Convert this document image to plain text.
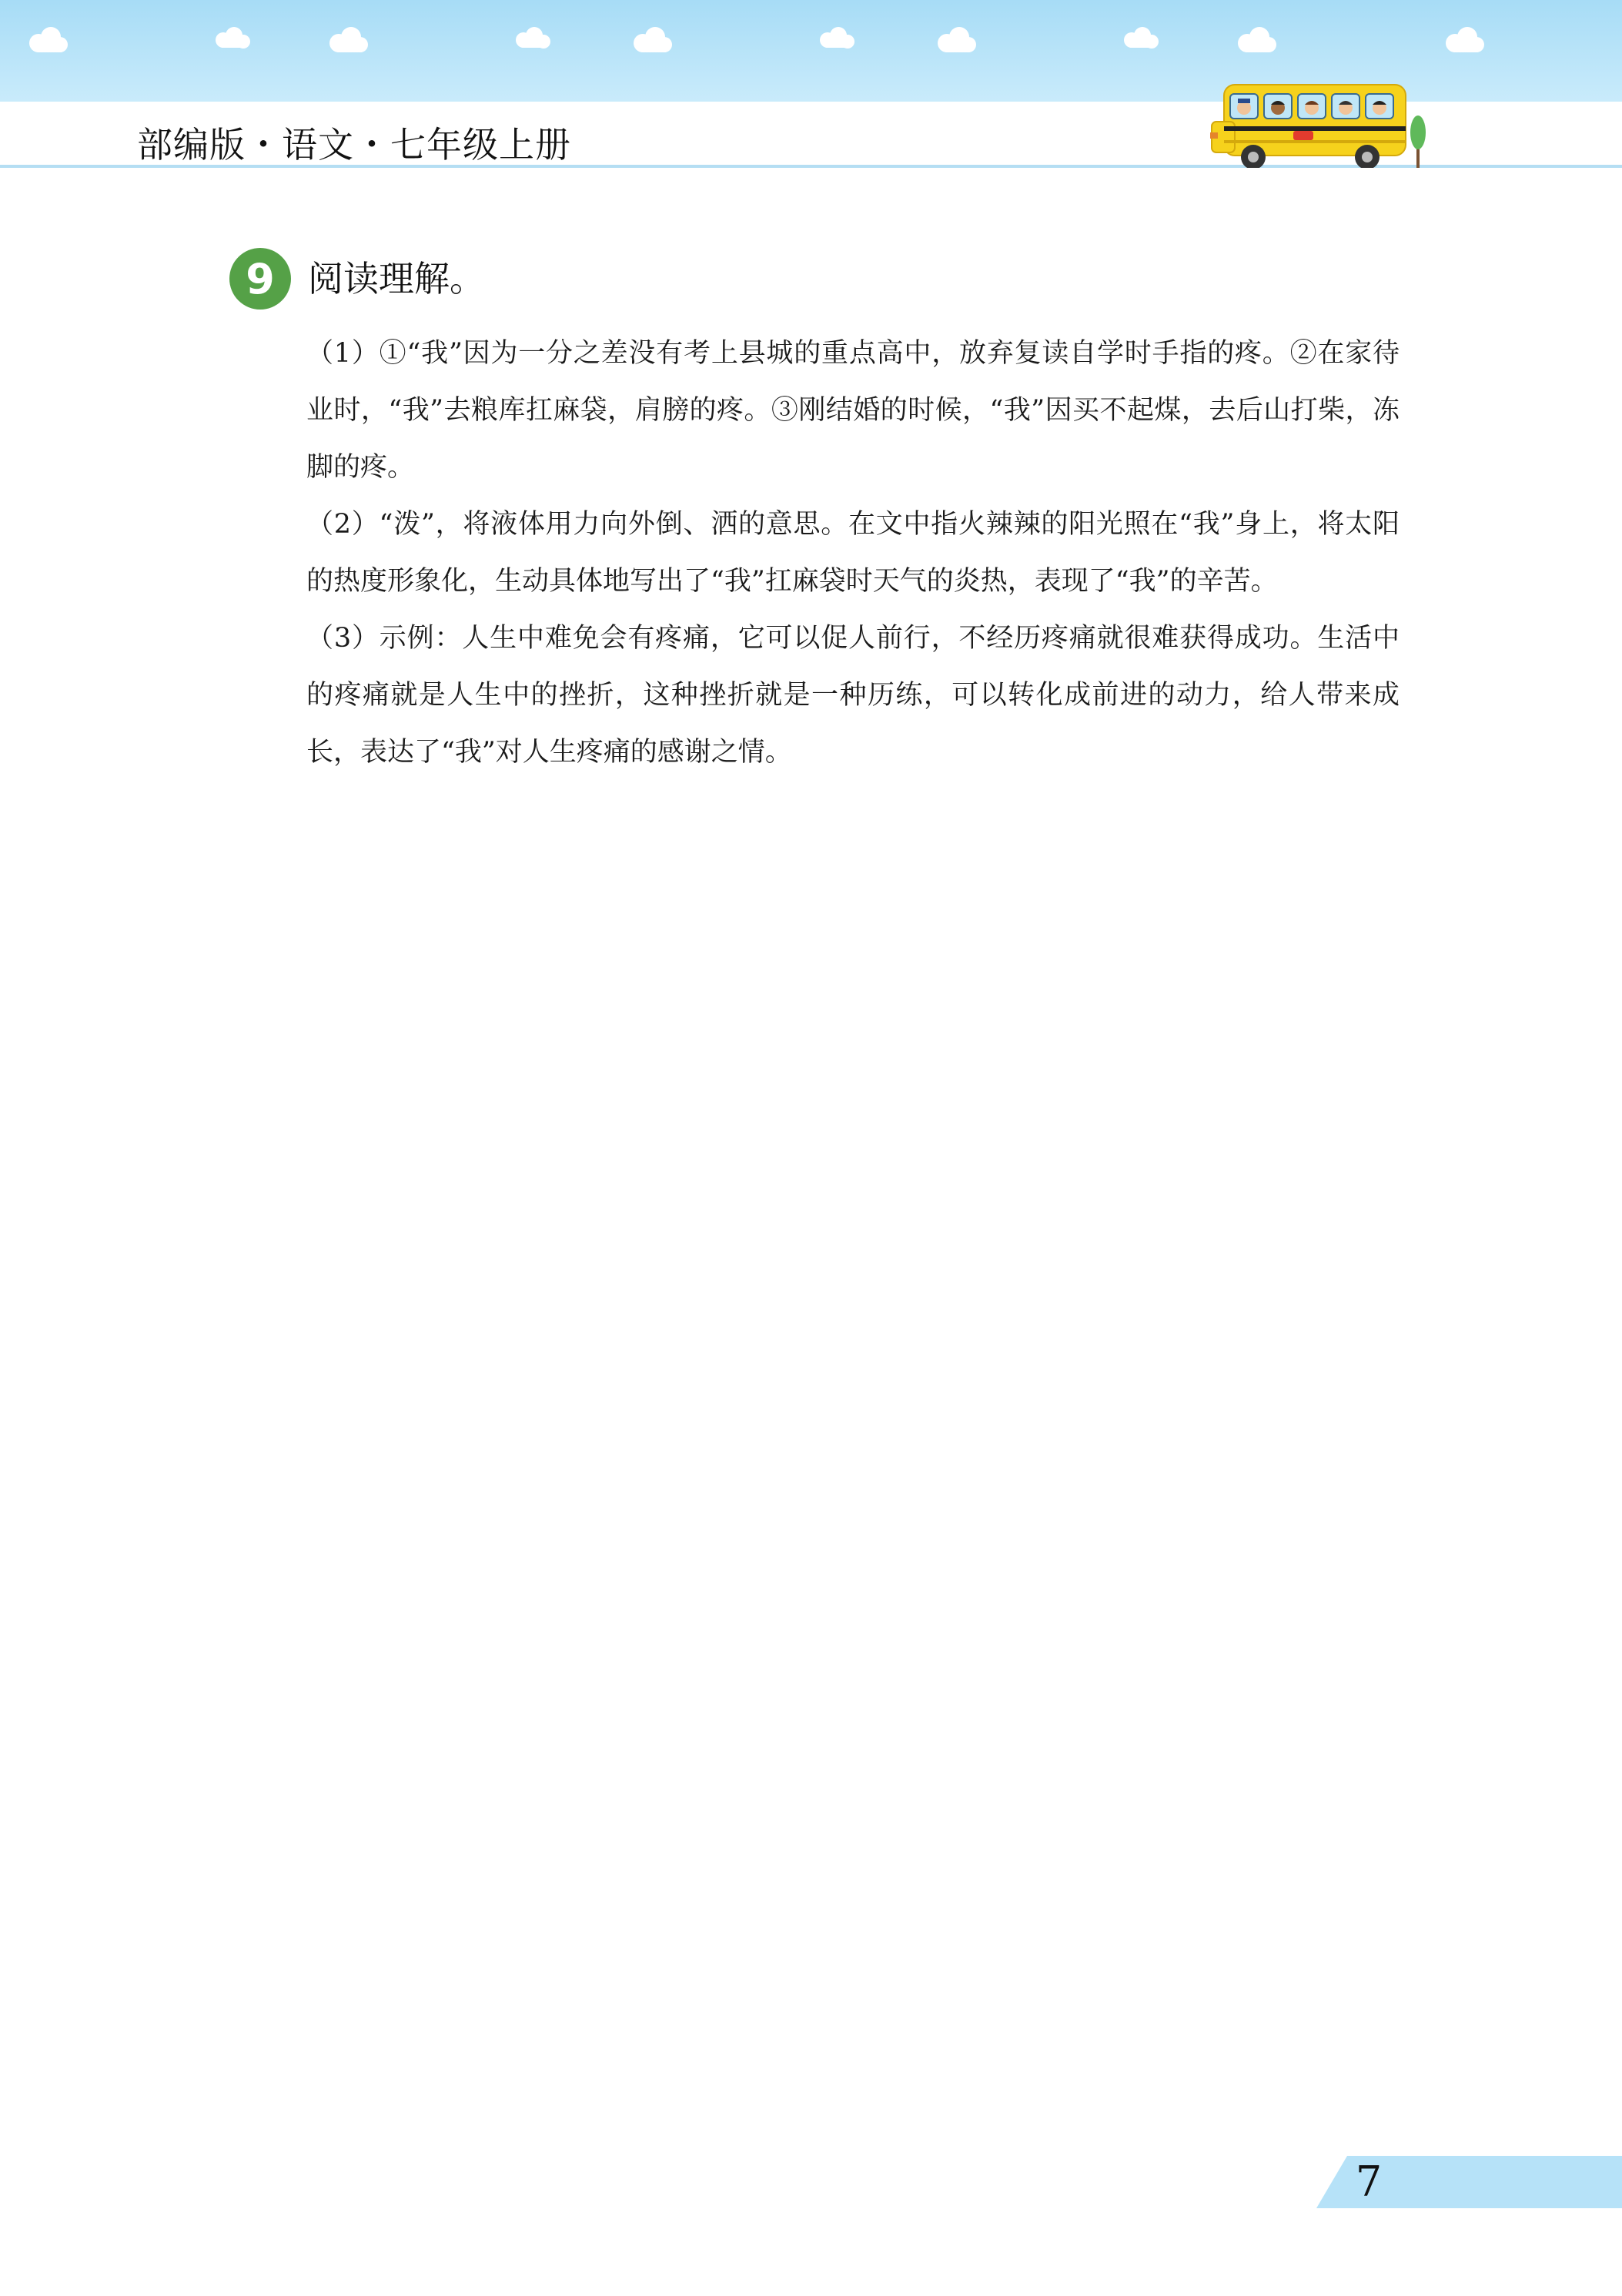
部编版・语文・七年级上册
9 阅读理解。

（1）①“我”因为一分之差没有考上县城的重点高中，放弃复读自学时手指的疼。②在家待业时，“我”去粮库扛麻袋，肩膀的疼。③刚结婚的时候，“我”因买不起煤，去后山打柴，冻脚的疼。

（2）“泼”，将液体用力向外倒、洒的意思。在文中指火辣辣的阳光照在“我”身上，将太阳的热度形象化，生动具体地写出了“我”扛麻袋时天气的炎热，表现了“我”的辛苦。

（3）示例：人生中难免会有疼痛，它可以促人前行，不经历疼痛就很难获得成功。生活中的疼痛就是人生中的挫折，这种挫折就是一种历练，可以转化成前进的动力，给人带来成长，表达了“我”对人生疼痛的感谢之情。

7
